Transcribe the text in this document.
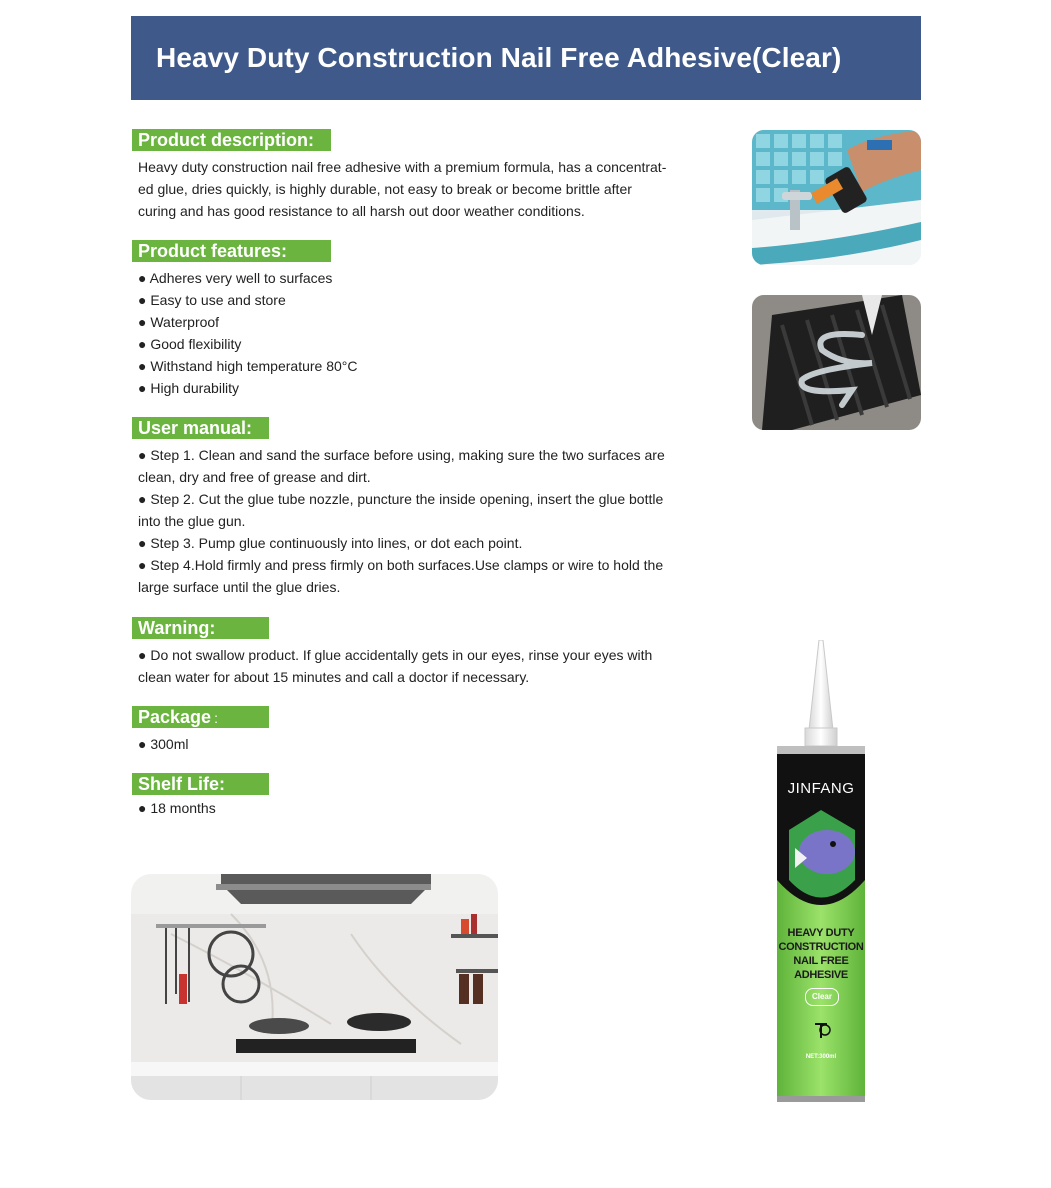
Heavy Duty Construction Nail Free Adhesive(Clear)
Product description:

Heavy duty construction nail free adhesive with a premium formula, has a concentrat-

ed glue, dries quickly, is highly durable, not easy to break or become brittle after

curing and has good resistance to all harsh out door weather conditions.

Product features:

● Adheres very well to surfaces

● Easy to use and store

● Waterproof

● Good flexibility

● Withstand high temperature 80°C

● High durability

User manual:

● Step 1. Clean and sand the surface before using, making sure the two surfaces are

clean, dry and free of grease and dirt.

● Step 2. Cut the glue tube nozzle, puncture the inside opening, insert the glue bottle

into the glue gun.

● Step 3. Pump glue continuously into lines, or dot each point.

● Step 4.Hold firmly and press firmly on both surfaces.Use clamps or wire to hold the

large surface until the glue dries.

Warning:

● Do not swallow product. If glue accidentally gets in our eyes, rinse your eyes with

clean water for about 15 minutes and call a doctor if necessary.

Package :

● 300ml

Shelf Life:

● 18 months

JINFANG
HEAVY DUTY
CONSTRUCTION
NAIL FREE
ADHESIVE
Clear
NET:300ml
